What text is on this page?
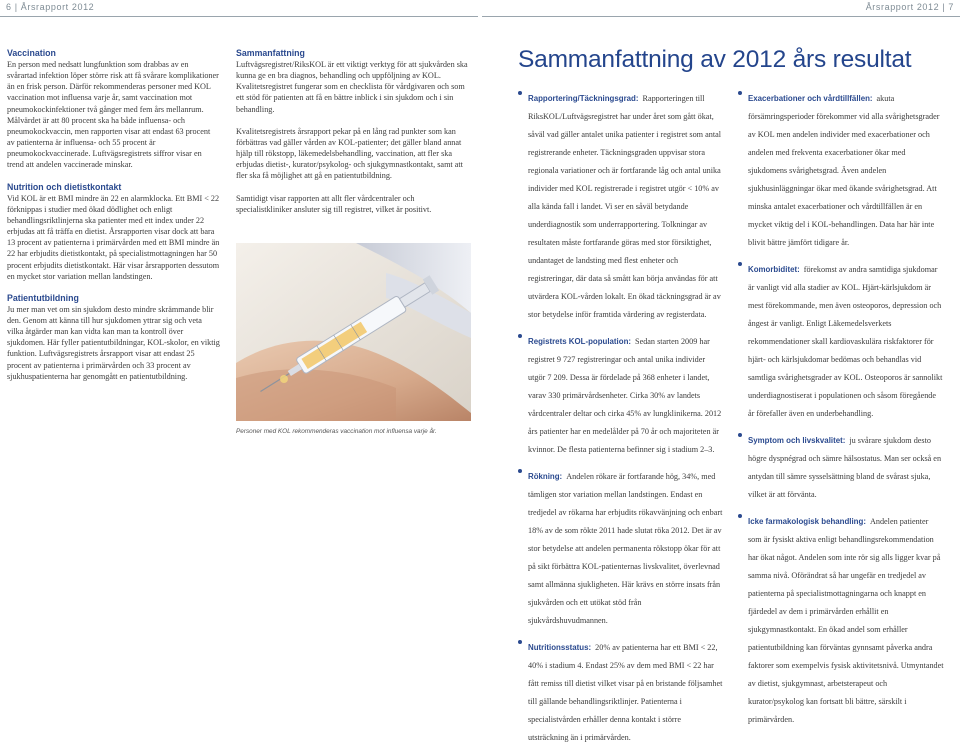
6 | Årsrapport 2012	Årsrapport 2012 | 7

Vaccination

En person med nedsatt lungfunktion som drabbas av en svårartad infektion löper större risk att få svårare komplikationer än en frisk person. Därför rekommenderas personer med KOL vaccination mot influensa varje år, samt vaccination mot pneumokockinfektioner två gånger med fem års mellanrum. Målvärdet är att 80 procent ska ha både influensa- och pneumokockvaccin, men rapporten visar att endast 63 procent av patienterna är influensa- och 55 procent är pneumokockvaccinerade. Luftvägsregistrets siffror visar en trend att andelen vaccinerade minskar.

Nutrition och dietistkontakt

Vid KOL är ett BMI mindre än 22 en alarmklocka. Ett BMI < 22 förknippas i studier med ökad dödlighet och enligt behandlingsriktlinjerna ska patienter med ett index under 22 erbjudas att få träffa en dietist. Årsrapporten visar dock att bara 13 procent av patienterna i primärvården med ett BMI mindre än 22 har erbjudits dietistkontakt, på specialistmottagningen har 50 procent erbjudits dietistkontakt. Här visar årsrapporten dessutom en mycket stor variation mellan landstingen.

Patientutbildning

Ju mer man vet om sin sjukdom desto mindre skrämmande blir den. Genom att känna till hur sjukdomen yttrar sig och veta vilka åtgärder man kan vidta kan man ta kontroll över sjukdomen. Här fyller patientutbildningar, KOL-skolor, en viktig funktion. Luftvägsregistrets årsrapport visar att endast 25 procent av patienterna i primärvården och 33 procent av sjukhuspatienterna har genomgått en patientutbildning.

Sammanfattning

Luftvägsregistret/RiksKOL är ett viktigt verktyg för att sjukvården ska kunna ge en bra diagnos, behandling och uppföljning av KOL. Kvalitetsregistret fungerar som en checklista för vårdgivaren och som ett stöd för patienten att få en bättre inblick i sin sjukdom och i sin behandling.

Kvalitetsregistrets årsrapport pekar på en lång rad punkter som kan förbättras vad gäller vården av KOL-patienter; det gäller bland annat hjälp till rökstopp, läkemedelsbehandling, vaccination, att fler ska erbjudas dietist-, kurator/psykolog- och sjukgymnastkontakt, samt att fler ska få möjlighet att gå en patientutbildning.

Samtidigt visar rapporten att allt fler vårdcentraler och specialistkliniker ansluter sig till registret, vilket är positivt.

Personer med KOL rekommenderas vaccination mot influensa varje år.
Sammanfattning av 2012 års resultat
Rapportering/Täckningsgrad: Rapporteringen till RiksKOL/Luftvägsregistret har under året som gått ökat, såväl vad gäller antalet unika patienter i registret som antal registrerande enheter. Täckningsgraden uppvisar stora regionala variationer och är fortfarande låg och antal unika individer med KOL registrerade i registret utgör < 10% av alla kända fall i landet. Vi ser en såväl betydande underdiagnostik som underrapportering. Tolkningar av resultaten måste fortfarande göras med stor försiktighet, undantaget de landsting med flest enheter och registreringar, där data så smått kan börja användas för att utvärdera KOL-vården lokalt. En ökad täckningsgrad är av stor betydelse inför framtida värdering av registerdata.
Registrets KOL-population: Sedan starten 2009 har registret 9 727 registreringar och antal unika individer utgör 7 209. Dessa är fördelade på 368 enheter i landet, varav 330 primärvårdsenheter. Cirka 30% av landets vårdcentraler deltar och cirka 45% av lungklinikerna. 2012 års patienter har en medelålder på 70 år och majoriteten är kvinnor. De flesta patienterna befinner sig i stadium 2–3.
Rökning: Andelen rökare är fortfarande hög, 34%, med tämligen stor variation mellan landstingen. Endast en tredjedel av rökarna har erbjudits rökavvänjning och enbart 18% av de som rökte 2011 hade slutat röka 2012. Det är av stor betydelse att andelen permanenta rökstopp ökar för att på sikt förbättra KOL-patienternas livskvalitet, överlevnad samt allmänna sjukligheten. Här krävs en större insats från sjukvården och ett utökat stöd från sjukvårdshuvudmannen.
Nutritionsstatus: 20% av patienterna har ett BMI < 22, 40% i stadium 4. Endast 25% av dem med BMI < 22 har fått remiss till dietist vilket visar på en bristande följsamhet till gällande behandlingsriktlinjer. Patienterna i specialistvården erhåller denna kontakt i större utsträckning än i primärvården.
Exacerbationer och vårdtillfällen: akuta försämringsperioder förekommer vid alla svårighetsgrader av KOL men andelen individer med exacerbationer och andelen med frekventa exacerbationer ökar med sjukdomens svårighetsgrad. Även andelen sjukhusinläggningar ökar med ökande svårighetsgrad. Att minska antalet exacerbationer och vårdtillfällen är en mycket viktig del i KOL-behandlingen. Data har här inte blivit bättre jämfört tidigare år.
Komorbiditet: förekomst av andra samtidiga sjukdomar är vanligt vid alla stadier av KOL. Hjärt-kärlsjukdom är mest förekommande, men även osteoporos, depression och ångest är vanligt. Enligt Läkemedelsverkets rekommendationer skall kardiovaskulära riskfaktorer för hjärt- och kärlsjukdomar bedömas och behandlas vid samtliga svårighetsgrader av KOL. Osteoporos är sannolikt underdiagnostiserat i populationen och såsom föregående år förefaller även en underbehandling.
Symptom och livskvalitet: ju svårare sjukdom desto högre dyspnégrad och sämre hälsostatus. Man ser också en antydan till sämre sysselsättning bland de svårast sjuka, vilket är att förvänta.
Icke farmakologisk behandling: Andelen patienter som är fysiskt aktiva enligt behandlingsrekommendation har ökat något. Andelen som inte rör sig alls ligger kvar på samma nivå. Oförändrat så har ungefär en tredjedel av patienterna på specialistmottagningarna och knappt en fjärdedel av dem i primärvården erhållit en sjukgymnastkontakt. En ökad andel som erhåller patientutbildning kan förväntas gynnsamt påverka andra faktorer som exempelvis fysisk aktivitetsnivå. Utmyntandet av dietist, sjukgymnast, arbetsterapeut och kurator/psykolog kan fortsatt bli bättre, särskilt i primärvården.
